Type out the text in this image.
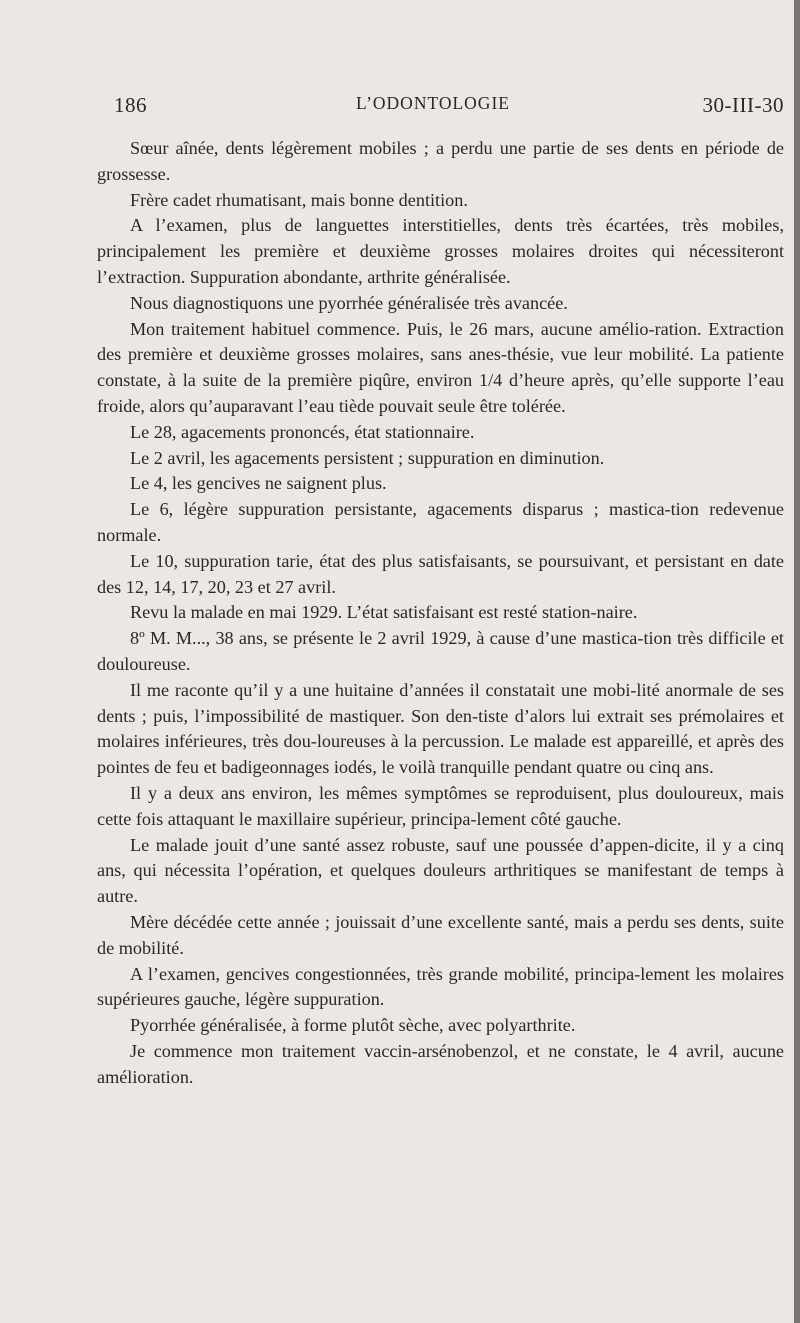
186	L’ODONTOLOGIE	30-III-30

Sœur aînée, dents légèrement mobiles ; a perdu une partie de ses dents en période de grossesse.

Frère cadet rhumatisant, mais bonne dentition.

A l’examen, plus de languettes interstitielles, dents très écartées, très mobiles, principalement les première et deuxième grosses molaires droites qui nécessiteront l’extraction. Suppuration abondante, arthrite généralisée.

Nous diagnostiquons une pyorrhée généralisée très avancée.

Mon traitement habituel commence. Puis, le 26 mars, aucune amélio-ration. Extraction des première et deuxième grosses molaires, sans anes-thésie, vue leur mobilité. La patiente constate, à la suite de la première piqûre, environ 1/4 d’heure après, qu’elle supporte l’eau froide, alors qu’auparavant l’eau tiède pouvait seule être tolérée.

Le 28, agacements prononcés, état stationnaire.

Le 2 avril, les agacements persistent ; suppuration en diminution.

Le 4, les gencives ne saignent plus.

Le 6, légère suppuration persistante, agacements disparus ; mastica-tion redevenue normale.

Le 10, suppuration tarie, état des plus satisfaisants, se poursuivant, et persistant en date des 12, 14, 17, 20, 23 et 27 avril.

Revu la malade en mai 1929. L’état satisfaisant est resté station-naire.

8º M. M..., 38 ans, se présente le 2 avril 1929, à cause d’une mastica-tion très difficile et douloureuse.

Il me raconte qu’il y a une huitaine d’années il constatait une mobi-lité anormale de ses dents ; puis, l’impossibilité de mastiquer. Son den-tiste d’alors lui extrait ses prémolaires et molaires inférieures, très dou-loureuses à la percussion. Le malade est appareillé, et après des pointes de feu et badigeonnages iodés, le voilà tranquille pendant quatre ou cinq ans.

Il y a deux ans environ, les mêmes symptômes se reproduisent, plus douloureux, mais cette fois attaquant le maxillaire supérieur, principa-lement côté gauche.

Le malade jouit d’une santé assez robuste, sauf une poussée d’appen-dicite, il y a cinq ans, qui nécessita l’opération, et quelques douleurs arthritiques se manifestant de temps à autre.

Mère décédée cette année ; jouissait d’une excellente santé, mais a perdu ses dents, suite de mobilité.

A l’examen, gencives congestionnées, très grande mobilité, principa-lement les molaires supérieures gauche, légère suppuration.

Pyorrhée généralisée, à forme plutôt sèche, avec polyarthrite.

Je commence mon traitement vaccin-arsénobenzol, et ne constate, le 4 avril, aucune amélioration.
